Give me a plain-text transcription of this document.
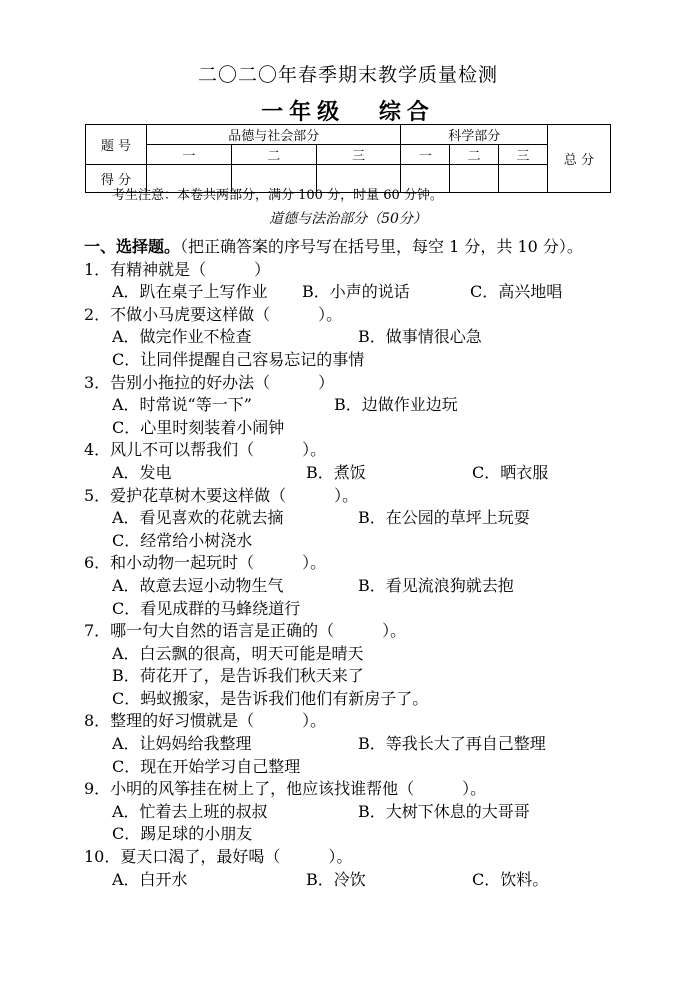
二〇二〇年春季期末教学质量检测
一年级 综合
题 号	品德与社会部分			科学部分			总 分
	一	二	三	一	二	三	
得 分							
考生注意：本卷共两部分，满分 100 分，时量 60 分钟。
道德与法治部分（50分）
一、选择题。（把正确答案的序号写在括号里，每空 1 分，共 10 分）。
1．有精神就是（　　　）
A．趴在桌子上写作业	B．小声的说话	C．高兴地唱
2．不做小马虎要这样做（　　　）。
A．做完作业不检查	B．做事情很心急
C．让同伴提醒自己容易忘记的事情
3．告别小拖拉的好办法（　　　）
A．时常说“等一下”	B．边做作业边玩
C．心里时刻装着小闹钟
4．风儿不可以帮我们（　　　）。
A．发电	B．煮饭	C．晒衣服
5．爱护花草树木要这样做（　　　）。
A．看见喜欢的花就去摘	B．在公园的草坪上玩耍
C．经常给小树浇水
6．和小动物一起玩时（　　　）。
A．故意去逗小动物生气	B．看见流浪狗就去抱
C．看见成群的马蜂绕道行
7．哪一句大自然的语言是正确的（　　　）。
A．白云飘的很高，明天可能是晴天
B．荷花开了，是告诉我们秋天来了
C．蚂蚁搬家，是告诉我们他们有新房子了。
8．整理的好习惯就是（　　　）。
A．让妈妈给我整理	B．等我长大了再自己整理
C．现在开始学习自己整理
9．小明的风筝挂在树上了，他应该找谁帮他（　　　）。
A．忙着去上班的叔叔	B．大树下休息的大哥哥
C．踢足球的小朋友
10．夏天口渴了，最好喝（　　　）。
A．白开水	B．冷饮	C．饮料。
